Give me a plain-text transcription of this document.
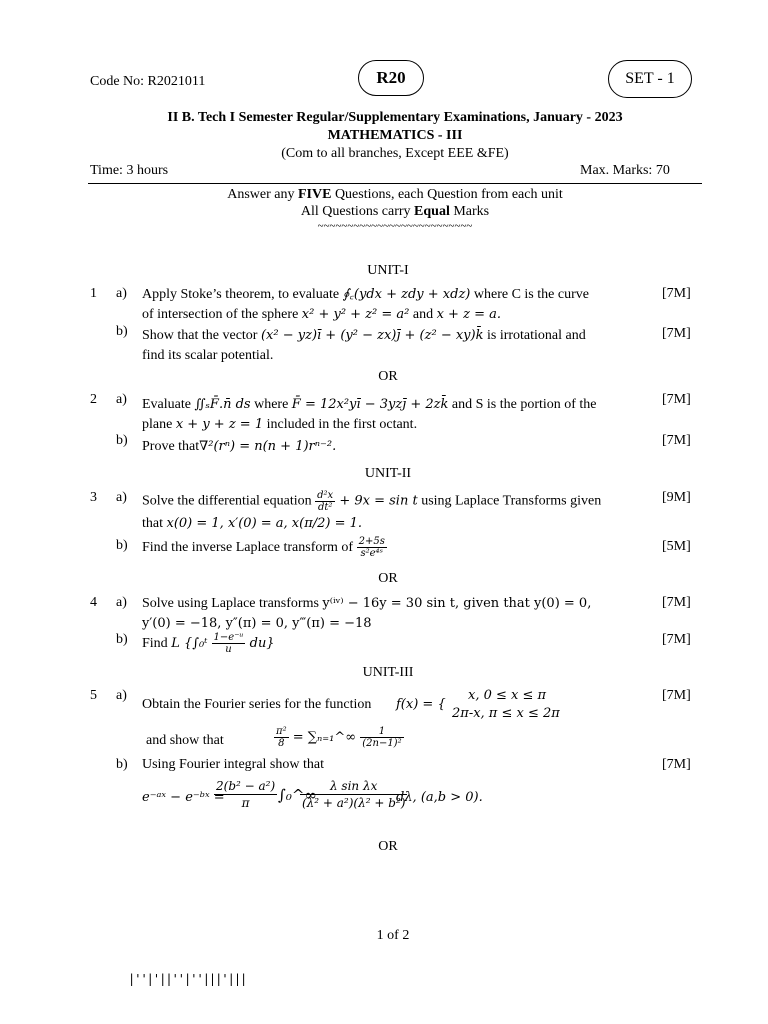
Code No: R2021011	R20	SET - 1
II B. Tech I Semester Regular/Supplementary Examinations, January - 2023
MATHEMATICS - III
(Com to all branches, Except EEE &FE)
Time: 3 hours	Max. Marks: 70
Answer any FIVE Questions, each Question from each unit
All Questions carry Equal Marks
~~~~~~~~~~~~~~~~~~~~~~~~~~
UNIT-I
1 a) Apply Stoke’s theorem, to evaluate ∮꜀(ydx + zdy + xdz) where C is the curve
of intersection of the sphere x² + y² + z² = a² and x + z = a.
[7M]
b) Show that the vector (x² − yz)ī + (y² − zx)j̄ + (z² − xy)k̄ is irrotational and
find its scalar potential.
[7M]
OR
2 a) Evaluate ∬ₛF̄.n̄ ds where F̄ = 12x²yī − 3yzj̄ + 2zk̄ and S is the portion of the
plane x + y + z = 1 included in the first octant.
[7M]
b) Prove that∇²(rⁿ) = n(n + 1)rⁿ⁻².	[7M]
UNIT-II
3 a) Solve the differential equation $\frac{\text{d²x}}{\text{dt²}} + 9x = \sin t$ using Laplace Transforms given
that x(0) = 1, x′(0) = a, x(π/2) = 1.
[9M]
b) Find the inverse Laplace transform of $\frac{2+5s}{\text{s²e⁴ˢ}}$	[5M]
OR
4 a) Solve using Laplace transforms y⁽ⁱᵛ⁾ − 16y = 30 sin t, given that y(0) = 0,
y′(0) = −18, y″(π) = 0, y‴(π) = −18
[7M]
b) Find L {∫₀ᵗ $\frac{\text{1−e⁻ᵘ}}{u} du$}	[7M]
UNIT-III
5 a)
Obtain the Fourier series for the function f(x) = {
x, 0 ≤ x ≤ π
2π-x, π ≤ x ≤ 2π
[7M]
and show that	$\frac{\text{π²}}{8}$ = ∑ₙ₌₁^∞ $\frac{1}{\text{(2n−1)²}}$
b) Using Fourier integral show that	[7M]
e⁻ᵃˣ − e⁻ᵇˣ =
$\frac{\text{2(b² − a²)}}{\pi}$ ∫₀^∞
$\frac{\text{λ sin λx}}{\text{(λ² + a²)(λ² + b²)}}$
dλ, (a,b > 0).
OR
1 of 2
|''|'||''|''|||'|||
